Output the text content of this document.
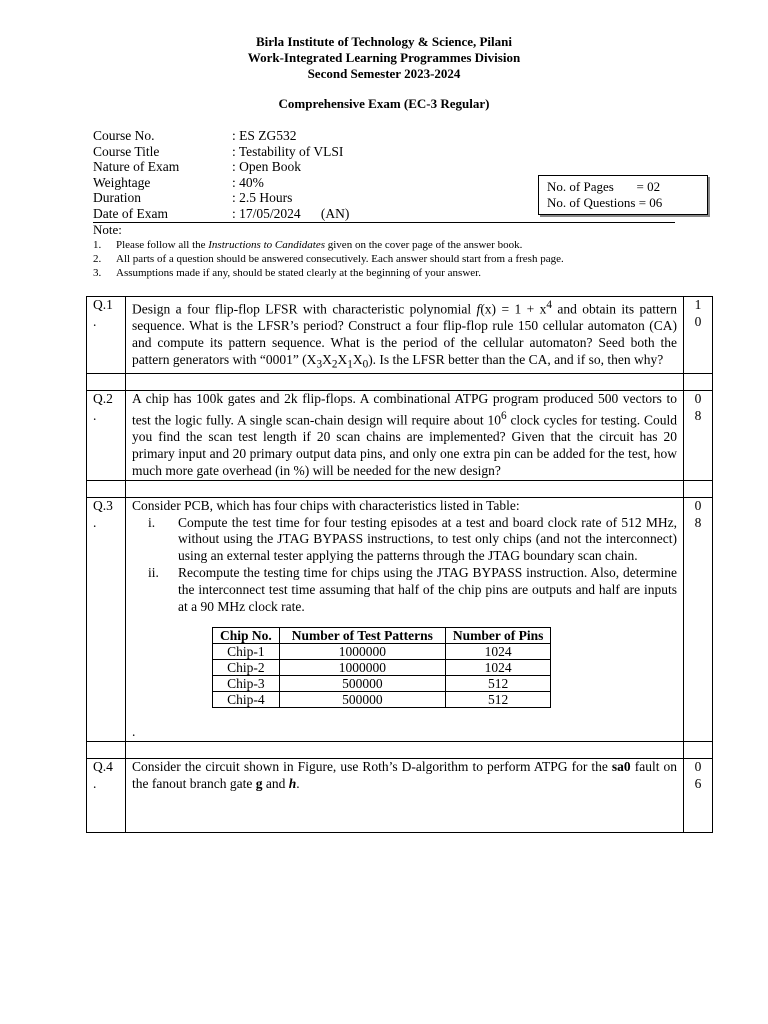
Birla Institute of Technology & Science, Pilani
Work-Integrated Learning Programmes Division
Second Semester 2023-2024
Comprehensive Exam (EC-3 Regular)
Course No.	: ES ZG532
Course Title	: Testability of VLSI
Nature of Exam	: Open Book
Weightage	: 40%
Duration	: 2.5 Hours
Date of Exam	: 17/05/2024      (AN)
No. of Pages       = 02
No. of Questions = 06
Note:
1.	Please follow all the Instructions to Candidates given on the cover page of the answer book.
2.	All parts of a question should be answered consecutively. Each answer should start from a fresh page.
3.	Assumptions made if any, should be stated clearly at the beginning of your answer.
Q.1 .	Design a four flip-flop LFSR with characteristic polynomial $f(x) = 1 + x^4$ and obtain its pattern sequence. What is the LFSR’s period? Construct a four flip-flop rule 150 cellular automaton (CA) and compute its pattern sequence. What is the period of the cellular automaton? Seed both the pattern generators with “0001” $(X_3X_2X_1X_0)$. Is the LFSR better than the CA, and if so, then why?	1 0

Q.2 .	A chip has 100k gates and 2k flip-flops. A combinational ATPG program produced 500 vectors to test the logic fully. A single scan-chain design will require about $10^6$ clock cycles for testing. Could you find the scan test length if 20 scan chains are implemented? Given that the circuit has 20 primary input and 20 primary output data pins, and only one extra pin can be added for the test, how much more gate overhead (in %) will be needed for the new design?	0 8

Q.3 .	
Consider PCB, which has four chips with characteristics listed in Table:
i.	Compute the test time for four testing episodes at a test and board clock rate of 512 MHz, without using the JTAG BYPASS instructions, to test only chips (and not the interconnect) using an external tester applying the patterns through the JTAG boundary scan chain.
ii.	Recompute the testing time for chips using the JTAG BYPASS instruction. Also, determine the interconnect test time assuming that half of the chip pins are outputs and half are inputs at a 90 MHz clock rate.
Chip No.	Number of Test Patterns	Number of Pins
Chip-1	1000000	1024
Chip-2	1000000	1024
Chip-3	500000	512
Chip-4	500000	512
.
	0 8

Q.4 .	Consider the circuit shown in Figure, use Roth’s D-algorithm to perform ATPG for the sa0 fault on the fanout branch gate g and h.	0 6
